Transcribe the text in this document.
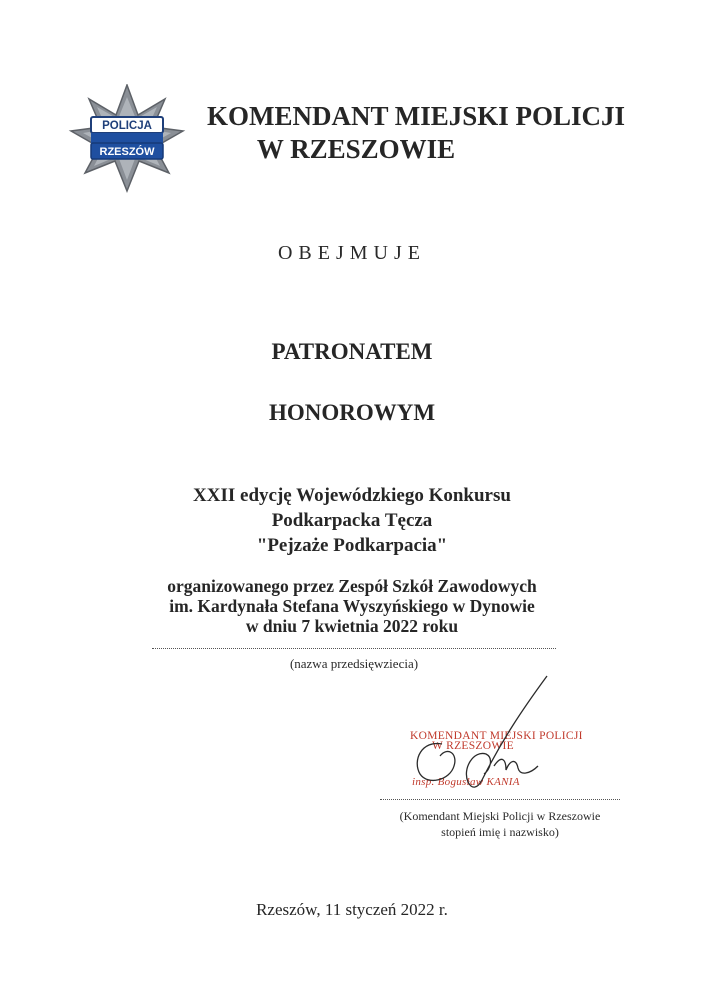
POLICJA
RZESZÓW
KOMENDANT MIEJSKI POLICJI
W RZESZOWIE
OBEJMUJE
PATRONATEM
HONOROWYM
XXII edycję Wojewódzkiego Konkursu
Podkarpacka Tęcza
"Pejzaże Podkarpacia"
organizowanego przez Zespół Szkół Zawodowych
im. Kardynała Stefana Wyszyńskiego w Dynowie
w dniu 7 kwietnia 2022 roku
(nazwa przedsięwziecia)
KOMENDANT MIEJSKI POLICJI
W RZESZOWIE
insp. Bogusław KANIA
(Komendant Miejski Policji w Rzeszowie
stopień imię i nazwisko)
Rzeszów, 11 styczeń 2022 r.
